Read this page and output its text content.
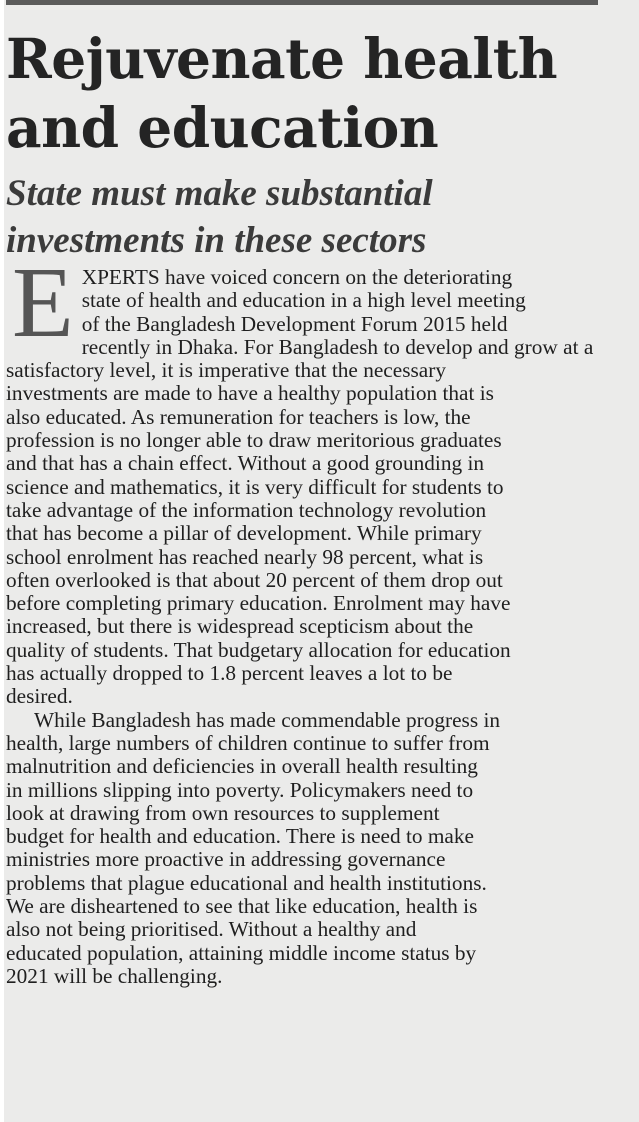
Rejuvenate health
and education
State must make substantial
investments in these sectors

EXPERTS have voiced concern on the deteriorating
state of health and education in a high level meeting
of the Bangladesh Development Forum 2015 held
recently in Dhaka. For Bangladesh to develop and grow at a
satisfactory level, it is imperative that the necessary
investments are made to have a healthy population that is
also educated. As remuneration for teachers is low, the
profession is no longer able to draw meritorious graduates
and that has a chain effect. Without a good grounding in
science and mathematics, it is very difficult for students to
take advantage of the information technology revolution
that has become a pillar of development. While primary
school enrolment has reached nearly 98 percent, what is
often overlooked is that about 20 percent of them drop out
before completing primary education. Enrolment may have
increased, but there is widespread scepticism about the
quality of students. That budgetary allocation for education
has actually dropped to 1.8 percent leaves a lot to be
desired.

While Bangladesh has made commendable progress in
health, large numbers of children continue to suffer from
malnutrition and deficiencies in overall health resulting
in millions slipping into poverty. Policymakers need to
look at drawing from own resources to supplement
budget for health and education. There is need to make
ministries more proactive in addressing governance
problems that plague educational and health institutions.
We are disheartened to see that like education, health is
also not being prioritised. Without a healthy and
educated population, attaining middle income status by
2021 will be challenging.
